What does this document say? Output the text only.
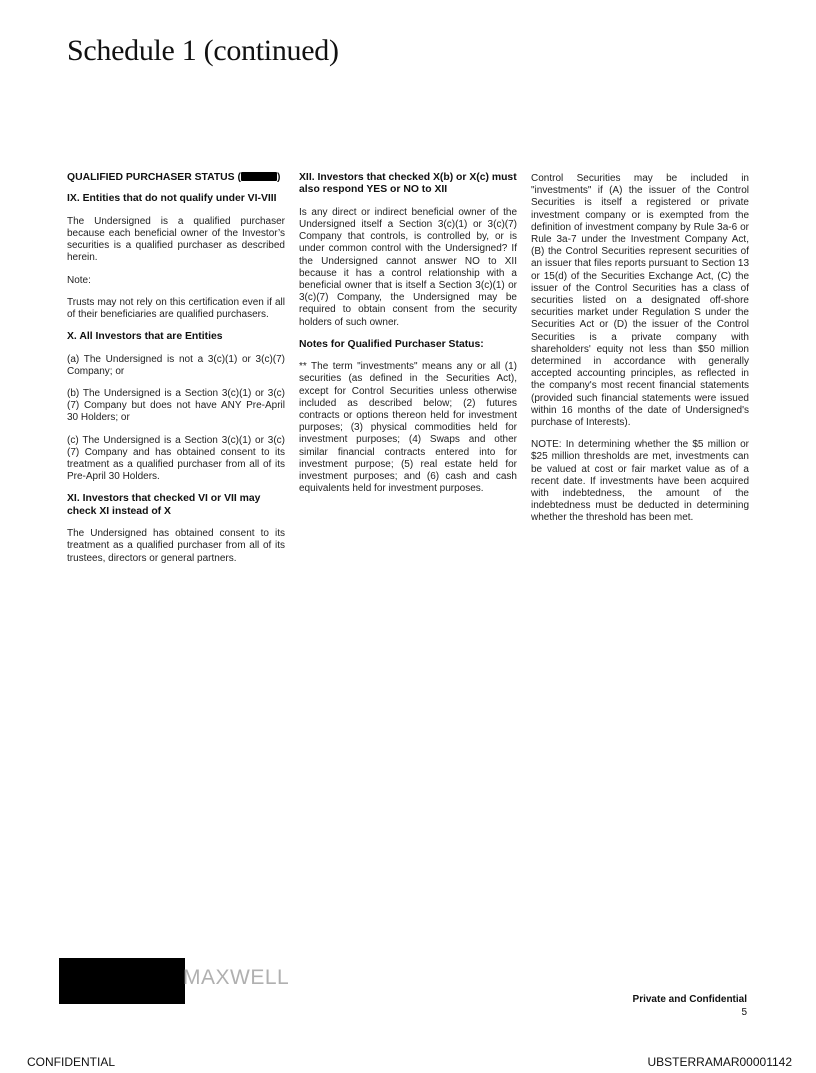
Schedule 1 (continued)
QUALIFIED PURCHASER STATUS (	)
IX. Entities that do not qualify under VI-VIII

The Undersigned is a qualified purchaser because each beneficial owner of the Investor’s securities is a qualified purchaser as described herein.

Note:

Trusts may not rely on this certification even if all of their beneficiaries are qualified purchasers.

X. All Investors that are Entities

(a) The Undersigned is not a 3(c)(1) or 3(c)(7) Company; or

(b) The Undersigned is a Section 3(c)(1) or 3(c)(7) Company but does not have ANY Pre-April 30 Holders; or

(c) The Undersigned is a Section 3(c)(1) or 3(c)(7) Company and has obtained consent to its treatment as a qualified purchaser from all of its Pre-April 30 Holders.

XI. Investors that checked VI or VII may check XI instead of X

The Undersigned has obtained consent to its treatment as a qualified purchaser from all of its trustees, directors or general partners.

XII. Investors that checked X(b) or X(c) must also respond YES or NO to XII

Is any direct or indirect beneficial owner of the Undersigned itself a Section 3(c)(1) or 3(c)(7) Company that controls, is controlled by, or is under common control with the Undersigned? If the Undersigned cannot answer NO to XII because it has a control relationship with a beneficial owner that is itself a Section 3(c)(1) or 3(c)(7) Company, the Undersigned may be required to obtain consent from the security holders of such owner.

Notes for Qualified Purchaser Status:

** The term "investments" means any or all (1) securities (as defined in the Securities Act), except for Control Securities unless otherwise included as described below; (2) futures contracts or options thereon held for investment purposes; (3) physical commodities held for investment purposes; (4) Swaps and other similar financial contracts entered into for investment purpose; (5) real estate held for investment purposes; and (6) cash and cash equivalents held for investment purposes.

Control Securities may be included in "investments" if (A) the issuer of the Control Securities is itself a registered or private investment company or is exempted from the definition of investment company by Rule 3a-6 or Rule 3a-7 under the Investment Company Act, (B) the Control Securities represent securities of an issuer that files reports pursuant to Section 13 or 15(d) of the Securities Exchange Act, (C) the issuer of the Control Securities has a class of securities listed on a designated off-shore securities market under Regulation S under the Securities Act or (D) the issuer of the Control Securities is a private company with shareholders' equity not less than $50 million determined in accordance with generally accepted accounting principles, as reflected in the company's most recent financial statements (provided such financial statements were issued within 16 months of the date of Undersigned's purchase of Interests).

NOTE: In determining whether the $5 million or $25 million thresholds are met, investments can be valued at cost or fair market value as of a recent date. If investments have been acquired with indebtedness, the amount of the indebtedness must be deducted in determining whether the threshold has been met.

MAXWELL
Private and Confidential
5
CONFIDENTIAL	UBSTERRAMAR00001142
